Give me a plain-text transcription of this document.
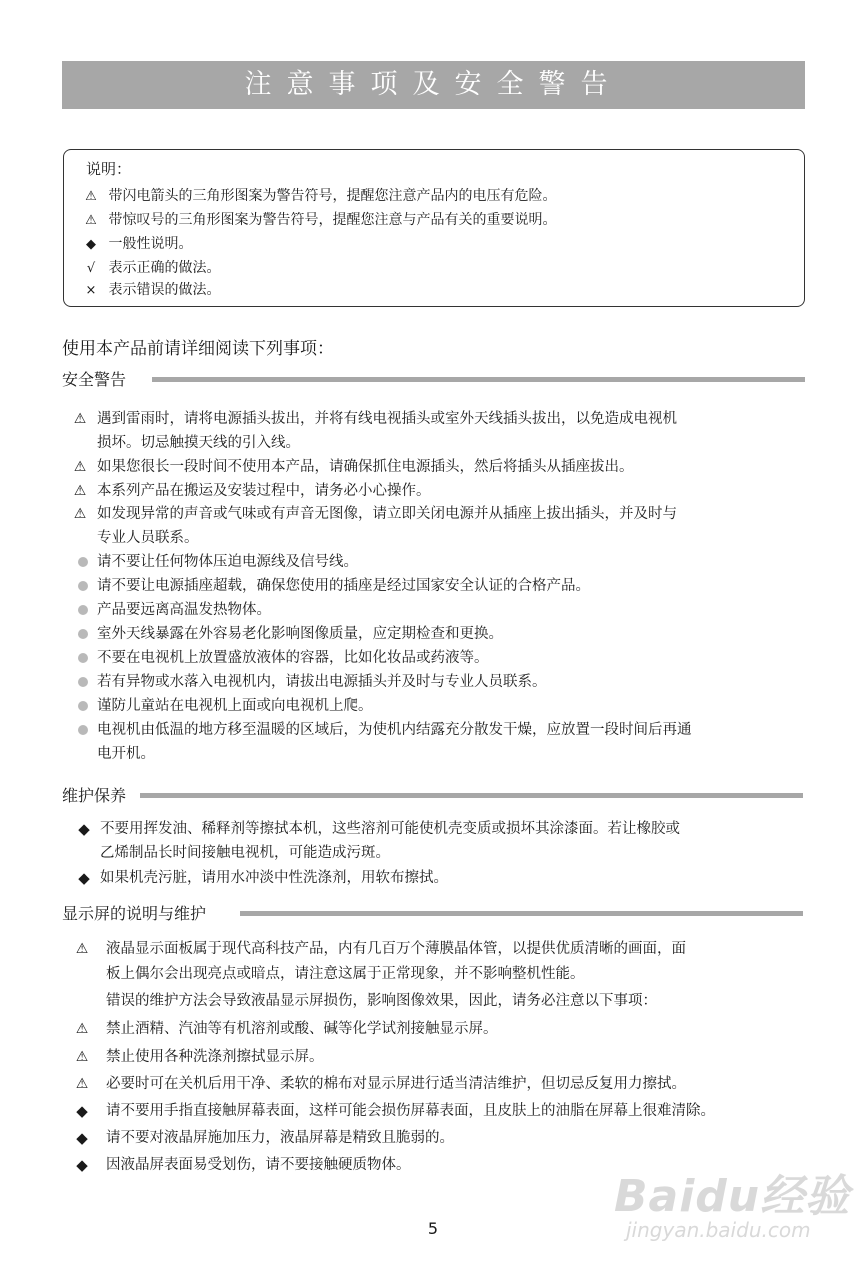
注意事项及安全警告
说明：
⚠ 带闪电箭头的三角形图案为警告符号，提醒您注意产品内的电压有危险。
⚠ 带惊叹号的三角形图案为警告符号，提醒您注意与产品有关的重要说明。
◆ 一般性说明。
√ 表示正确的做法。
× 表示错误的做法。
使用本产品前请详细阅读下列事项：
安全警告
⚠ 遇到雷雨时，请将电源插头拔出，并将有线电视插头或室外天线插头拔出，以免造成电视机
损坏。切忌触摸天线的引入线。
⚠ 如果您很长一段时间不使用本产品，请确保抓住电源插头，然后将插头从插座拔出。
⚠ 本系列产品在搬运及安装过程中，请务必小心操作。
⚠ 如发现异常的声音或气味或有声音无图像，请立即关闭电源并从插座上拔出插头，并及时与
专业人员联系。
请不要让任何物体压迫电源线及信号线。
请不要让电源插座超载，确保您使用的插座是经过国家安全认证的合格产品。
产品要远离高温发热物体。
室外天线暴露在外容易老化影响图像质量，应定期检查和更换。
不要在电视机上放置盛放液体的容器，比如化妆品或药液等。
若有异物或水落入电视机内，请拔出电源插头并及时与专业人员联系。
谨防儿童站在电视机上面或向电视机上爬。
电视机由低温的地方移至温暖的区域后，为使机内结露充分散发干燥，应放置一段时间后再通
电开机。
维护保养
◆ 不要用挥发油、稀释剂等擦拭本机，这些溶剂可能使机壳变质或损坏其涂漆面。若让橡胶或
乙烯制品长时间接触电视机，可能造成污斑。
◆ 如果机壳污脏，请用水冲淡中性洗涤剂，用软布擦拭。
显示屏的说明与维护
⚠ 液晶显示面板属于现代高科技产品，内有几百万个薄膜晶体管，以提供优质清晰的画面，面
板上偶尔会出现亮点或暗点，请注意这属于正常现象，并不影响整机性能。
错误的维护方法会导致液晶显示屏损伤，影响图像效果，因此，请务必注意以下事项：
⚠ 禁止酒精、汽油等有机溶剂或酸、碱等化学试剂接触显示屏。
⚠ 禁止使用各种洗涤剂擦拭显示屏。
⚠ 必要时可在关机后用干净、柔软的棉布对显示屏进行适当清洁维护，但切忌反复用力擦拭。
◆ 请不要用手指直接触屏幕表面，这样可能会损伤屏幕表面，且皮肤上的油脂在屏幕上很难清除。
◆ 请不要对液晶屏施加压力，液晶屏幕是精致且脆弱的。
◆ 因液晶屏表面易受划伤，请不要接触硬质物体。
5
Baidu经验
jingyan.baidu.com
